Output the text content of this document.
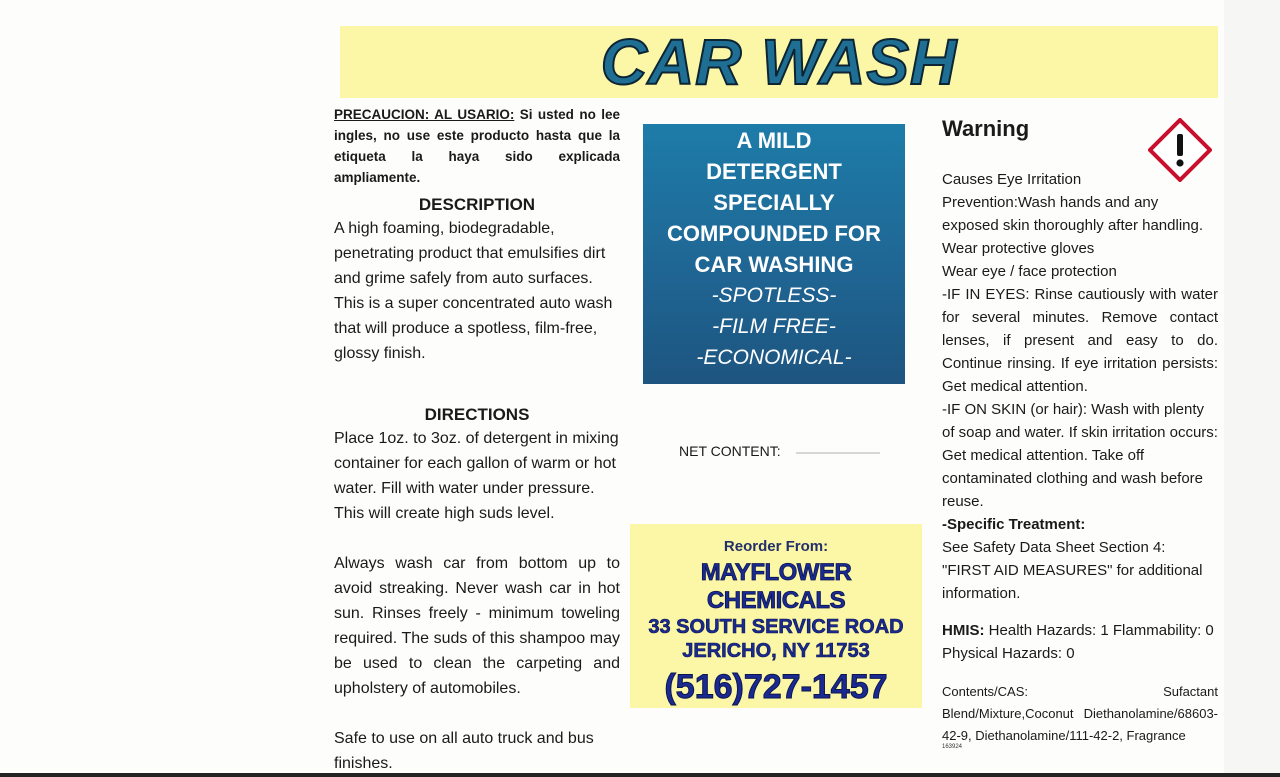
CAR WASH
PRECAUCION: AL USARIO: Si usted no lee ingles, no use este producto hasta que la etiqueta la haya sido explicada ampliamente.
DESCRIPTION

A high foaming, biodegradable, penetrating product that emulsifies dirt and grime safely from auto surfaces. This is a super concentrated auto wash that will produce a spotless, film-free, glossy finish.

DIRECTIONS

Place 1oz. to 3oz. of detergent in mixing container for each gallon of warm or hot water. Fill with water under pressure. This will create high suds level.

Always wash car from bottom up to avoid streaking. Never wash car in hot sun. Rinses freely - minimum toweling required. The suds of this shampoo may be used to clean the carpeting and upholstery of automobiles.

Safe to use on all auto truck and bus finishes.

A MILD
DETERGENT
SPECIALLY
COMPOUNDED FOR
CAR WASHING
-SPOTLESS-
-FILM FREE-
-ECONOMICAL-
NET CONTENT:
Reorder From:
MAYFLOWER CHEMICALS
33 SOUTH SERVICE ROAD
JERICHO, NY 11753
(516)727-1457
Warning

Causes Eye Irritation

Prevention:Wash hands and any exposed skin thoroughly after handling. Wear protective gloves

Wear eye / face protection

-IF IN EYES: Rinse cautiously with water for several minutes. Remove contact lenses, if present and easy to do. Continue rinsing. If eye irritation persists: Get medical attention.

-IF ON SKIN (or hair): Wash with plenty of soap and water. If skin irritation occurs: Get medical attention. Take off contaminated clothing and wash before reuse.

-Specific Treatment:

See Safety Data Sheet Section 4: "FIRST AID MEASURES" for additional information.

HMIS: Health Hazards: 1 Flammability: 0 Physical Hazards: 0

Contents/CAS: Sufactant Blend/Mixture,Coconut Diethanolamine/68603-42-9, Diethanolamine/111-42-2, Fragrance
163924
